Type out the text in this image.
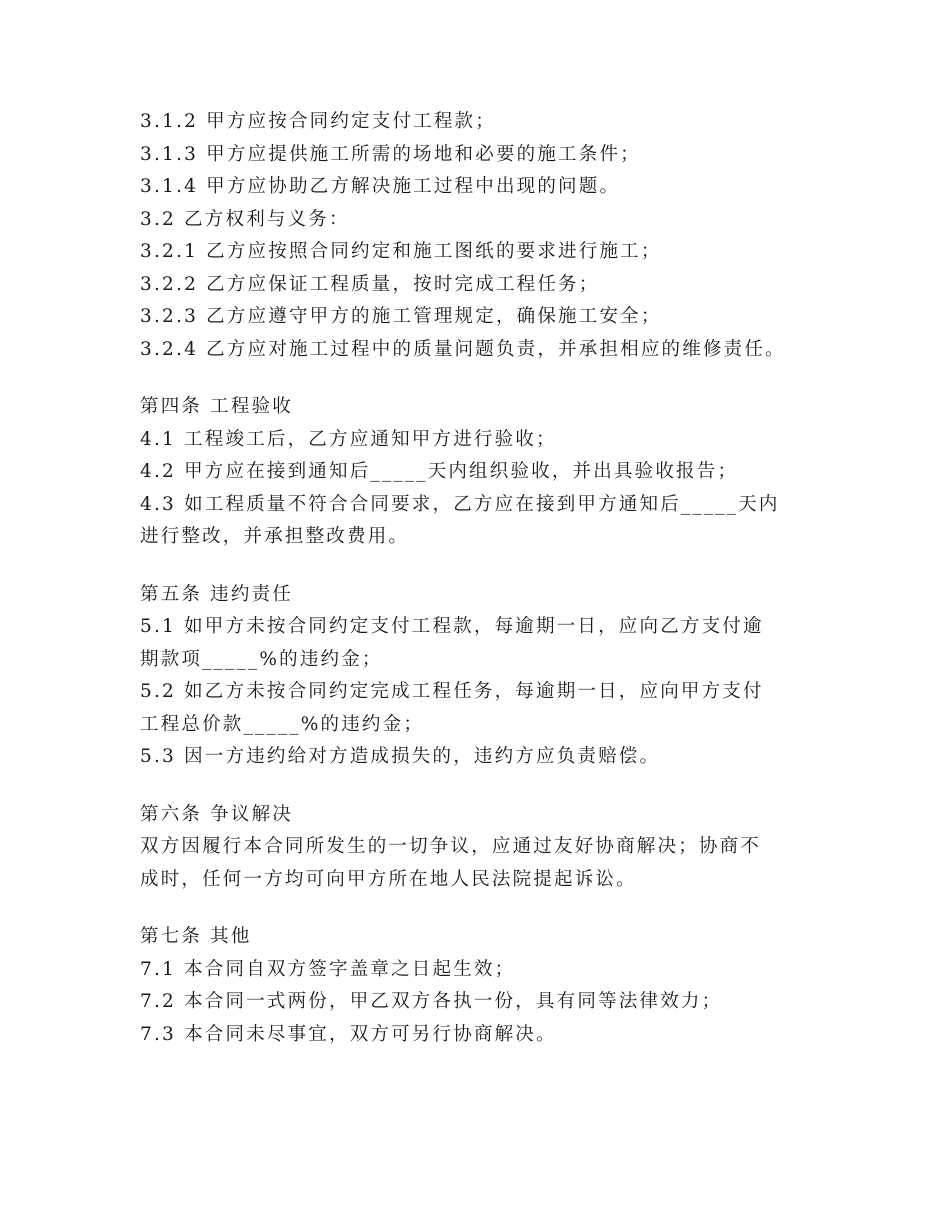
3.1.2 甲方应按合同约定支付工程款；
3.1.3 甲方应提供施工所需的场地和必要的施工条件；
3.1.4 甲方应协助乙方解决施工过程中出现的问题。
3.2 乙方权利与义务：
3.2.1 乙方应按照合同约定和施工图纸的要求进行施工；
3.2.2 乙方应保证工程质量，按时完成工程任务；
3.2.3 乙方应遵守甲方的施工管理规定，确保施工安全；
3.2.4 乙方应对施工过程中的质量问题负责，并承担相应的维修责任。
第四条 工程验收
4.1 工程竣工后，乙方应通知甲方进行验收；
4.2 甲方应在接到通知后_____天内组织验收，并出具验收报告；
4.3 如工程质量不符合合同要求，乙方应在接到甲方通知后_____天内
进行整改，并承担整改费用。
第五条 违约责任
5.1 如甲方未按合同约定支付工程款，每逾期一日，应向乙方支付逾
期款项_____%的违约金；
5.2 如乙方未按合同约定完成工程任务，每逾期一日，应向甲方支付
工程总价款_____%的违约金；
5.3 因一方违约给对方造成损失的，违约方应负责赔偿。
第六条 争议解决
双方因履行本合同所发生的一切争议，应通过友好协商解决；协商不
成时，任何一方均可向甲方所在地人民法院提起诉讼。
第七条 其他
7.1 本合同自双方签字盖章之日起生效；
7.2 本合同一式两份，甲乙双方各执一份，具有同等法律效力；
7.3 本合同未尽事宜，双方可另行协商解决。
